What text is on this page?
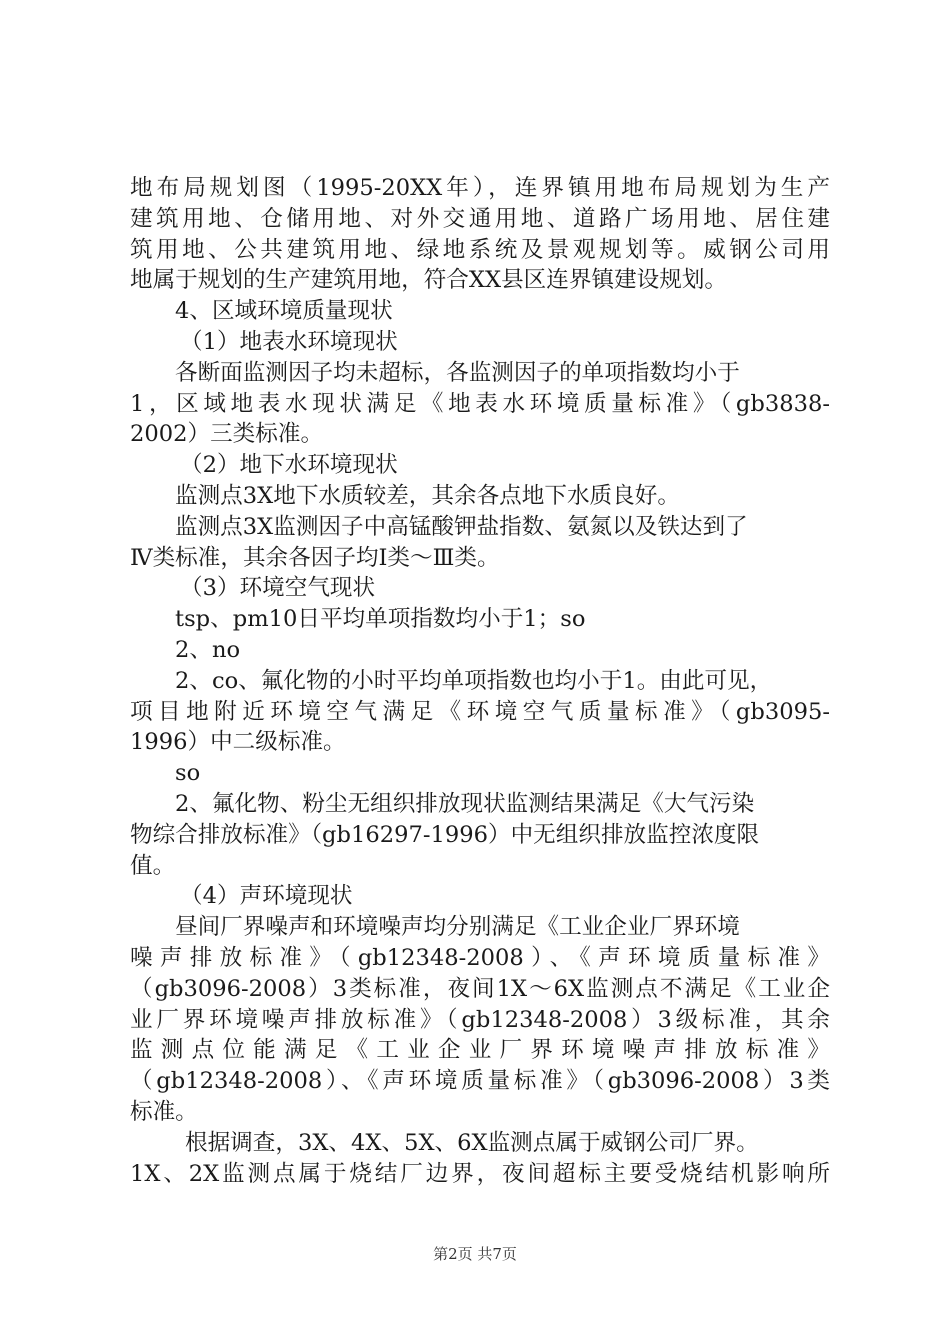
地布局规划图（1995-20XX年），连界镇用地布局规划为生产
建筑用地、仓储用地、对外交通用地、道路广场用地、居住建
筑用地、公共建筑用地、绿地系统及景观规划等。威钢公司用
地属于规划的生产建筑用地，符合XX县区连界镇建设规划。
4、区域环境质量现状
（1）地表水环境现状
各断面监测因子均未超标，各监测因子的单项指数均小于
1，区域地表水现状满足《地表水环境质量标准》（gb3838-
2002）三类标准。
（2）地下水环境现状
监测点3X地下水质较差，其余各点地下水质良好。
监测点3X监测因子中高锰酸钾盐指数、氨氮以及铁达到了
Ⅳ类标准，其余各因子均Ⅰ类～Ⅲ类。
（3）环境空气现状
tsp、pm10日平均单项指数均小于1；so
2、no
2、co、氟化物的小时平均单项指数也均小于1。由此可见，
项目地附近环境空气满足《环境空气质量标准》（gb3095-
1996）中二级标准。
so
2、氟化物、粉尘无组织排放现状监测结果满足《大气污染
物综合排放标准》（gb16297-1996）中无组织排放监控浓度限
值。
（4）声环境现状
昼间厂界噪声和环境噪声均分别满足《工业企业厂界环境
噪声排放标准》（gb12348-2008）、《声环境质量标准》
（gb3096-2008）3类标准，夜间1X～6X监测点不满足《工业企
业厂界环境噪声排放标准》（gb12348-2008）3级标准，其余
监测点位能满足《工业企业厂界环境噪声排放标准》
（gb12348-2008）、《声环境质量标准》（gb3096-2008）3类
标准。
根据调查，3X、4X、5X、6X监测点属于威钢公司厂界。
1X、2X监测点属于烧结厂边界，夜间超标主要受烧结机影响所
第2页 共7页
